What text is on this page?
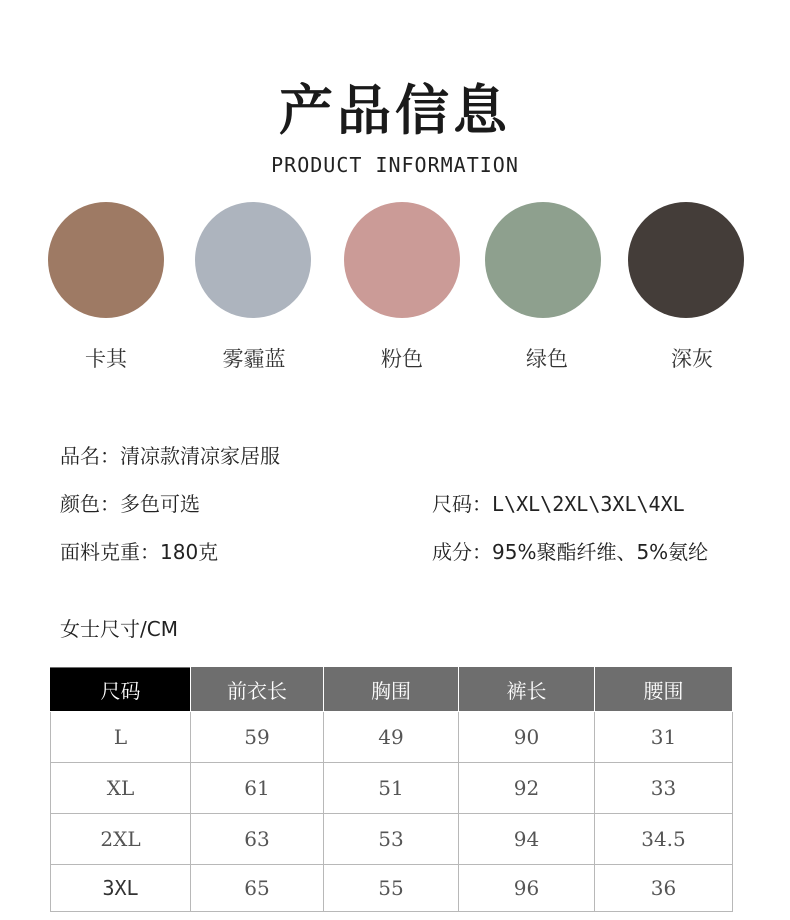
产品信息
PRODUCT INFORMATION
卡其	雾霾蓝	粉色	绿色	深灰
品名：清凉款清凉家居服
颜色：多色可选	尺码：L\XL\2XL\3XL\4XL
面料克重：180克	成分：95%聚酯纤维、5%氨纶
女士尺寸/CM
尺码	前衣长	胸围	裤长	腰围
L	59	49	90	31
XL	61	51	92	33
2XL	63	53	94	34.5
3XL	65	55	96	36
